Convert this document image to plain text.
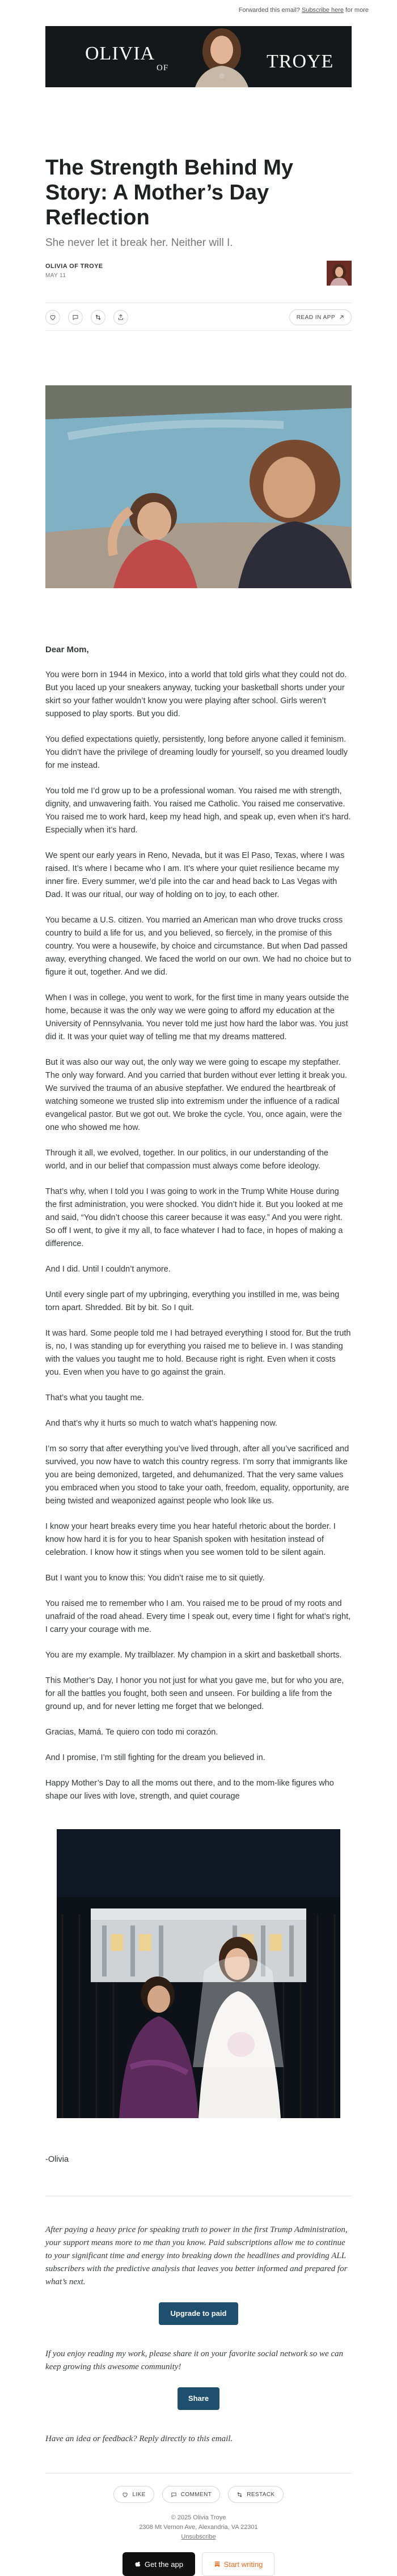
Forwarded this email? Subscribe here for more
OLIVIA
OF	TROYE
The Strength Behind My Story: A Mother’s Day Reflection
She never let it break her. Neither will I.
OLIVIA OF TROYE
MAY 11
READ IN APP
Dear Mom,

You were born in 1944 in Mexico, into a world that told girls what they could not do. But you laced up your sneakers anyway, tucking your basketball shorts under your skirt so your father wouldn’t know you were playing after school. Girls weren’t supposed to play sports. But you did.

You defied expectations quietly, persistently, long before anyone called it feminism. You didn’t have the privilege of dreaming loudly for yourself, so you dreamed loudly for me instead.

You told me I’d grow up to be a professional woman. You raised me with strength, dignity, and unwavering faith. You raised me Catholic. You raised me conservative. You raised me to work hard, keep my head high, and speak up, even when it’s hard. Especially when it’s hard.

We spent our early years in Reno, Nevada, but it was El Paso, Texas, where I was raised. It’s where I became who I am. It’s where your quiet resilience became my inner fire. Every summer, we’d pile into the car and head back to Las Vegas with Dad. It was our ritual, our way of holding on to joy, to each other.

You became a U.S. citizen. You married an American man who drove trucks cross country to build a life for us, and you believed, so fiercely, in the promise of this country. You were a housewife, by choice and circumstance. But when Dad passed away, everything changed. We faced the world on our own. We had no choice but to figure it out, together. And we did.

When I was in college, you went to work, for the first time in many years outside the home, because it was the only way we were going to afford my education at the University of Pennsylvania. You never told me just how hard the labor was. You just did it. It was your quiet way of telling me that my dreams mattered.

But it was also our way out, the only way we were going to escape my stepfather. The only way forward. And you carried that burden without ever letting it break you. We survived the trauma of an abusive stepfather. We endured the heartbreak of watching someone we trusted slip into extremism under the influence of a radical evangelical pastor. But we got out. We broke the cycle. You, once again, were the one who showed me how.

Through it all, we evolved, together. In our politics, in our understanding of the world, and in our belief that compassion must always come before ideology.

That’s why, when I told you I was going to work in the Trump White House during the first administration, you were shocked. You didn’t hide it. But you looked at me and said, “You didn’t choose this career because it was easy.” And you were right. So off I went, to give it my all, to face whatever I had to face, in hopes of making a difference.

And I did. Until I couldn’t anymore.

Until every single part of my upbringing, everything you instilled in me, was being torn apart. Shredded. Bit by bit. So I quit.

It was hard. Some people told me I had betrayed everything I stood for. But the truth is, no, I was standing up for everything you raised me to believe in. I was standing with the values you taught me to hold. Because right is right. Even when it costs you. Even when you have to go against the grain.

That’s what you taught me.

And that’s why it hurts so much to watch what’s happening now.

I’m so sorry that after everything you’ve lived through, after all you’ve sacrificed and survived, you now have to watch this country regress. I’m sorry that immigrants like you are being demonized, targeted, and dehumanized. That the very same values you embraced when you stood to take your oath, freedom, equality, opportunity, are being twisted and weaponized against people who look like us.

I know your heart breaks every time you hear hateful rhetoric about the border. I know how hard it is for you to hear Spanish spoken with hesitation instead of celebration. I know how it stings when you see women told to be silent again.

But I want you to know this: You didn’t raise me to sit quietly.

You raised me to remember who I am. You raised me to be proud of my roots and unafraid of the road ahead. Every time I speak out, every time I fight for what’s right, I carry your courage with me.

You are my example. My trailblazer. My champion in a skirt and basketball shorts.

This Mother’s Day, I honor you not just for what you gave me, but for who you are, for all the battles you fought, both seen and unseen. For building a life from the ground up, and for never letting me forget that we belonged.

Gracias, Mamá. Te quiero con todo mi corazón.

And I promise, I’m still fighting for the dream you believed in.

Happy Mother’s Day to all the moms out there, and to the mom-like figures who shape our lives with love, strength, and quiet courage

-Olivia

After paying a heavy price for speaking truth to power in the first Trump Administration, your support means more to me than you know. Paid subscriptions allow me to continue to your significant time and energy into breaking down the headlines and providing ALL subscribers with the predictive analysis that leaves you better informed and prepared for what’s next.

Upgrade to paid

If you enjoy reading my work, please share it on your favorite social network so we can keep growing this awesome community!

Share

Have an idea or feedback? Reply directly to this email.

LIKE	COMMENT	RESTACK
© 2025 Olivia Troye
2308 Mt Vernon Ave, Alexandria, VA 22301
Unsubscribe
Get the app	Start writing
